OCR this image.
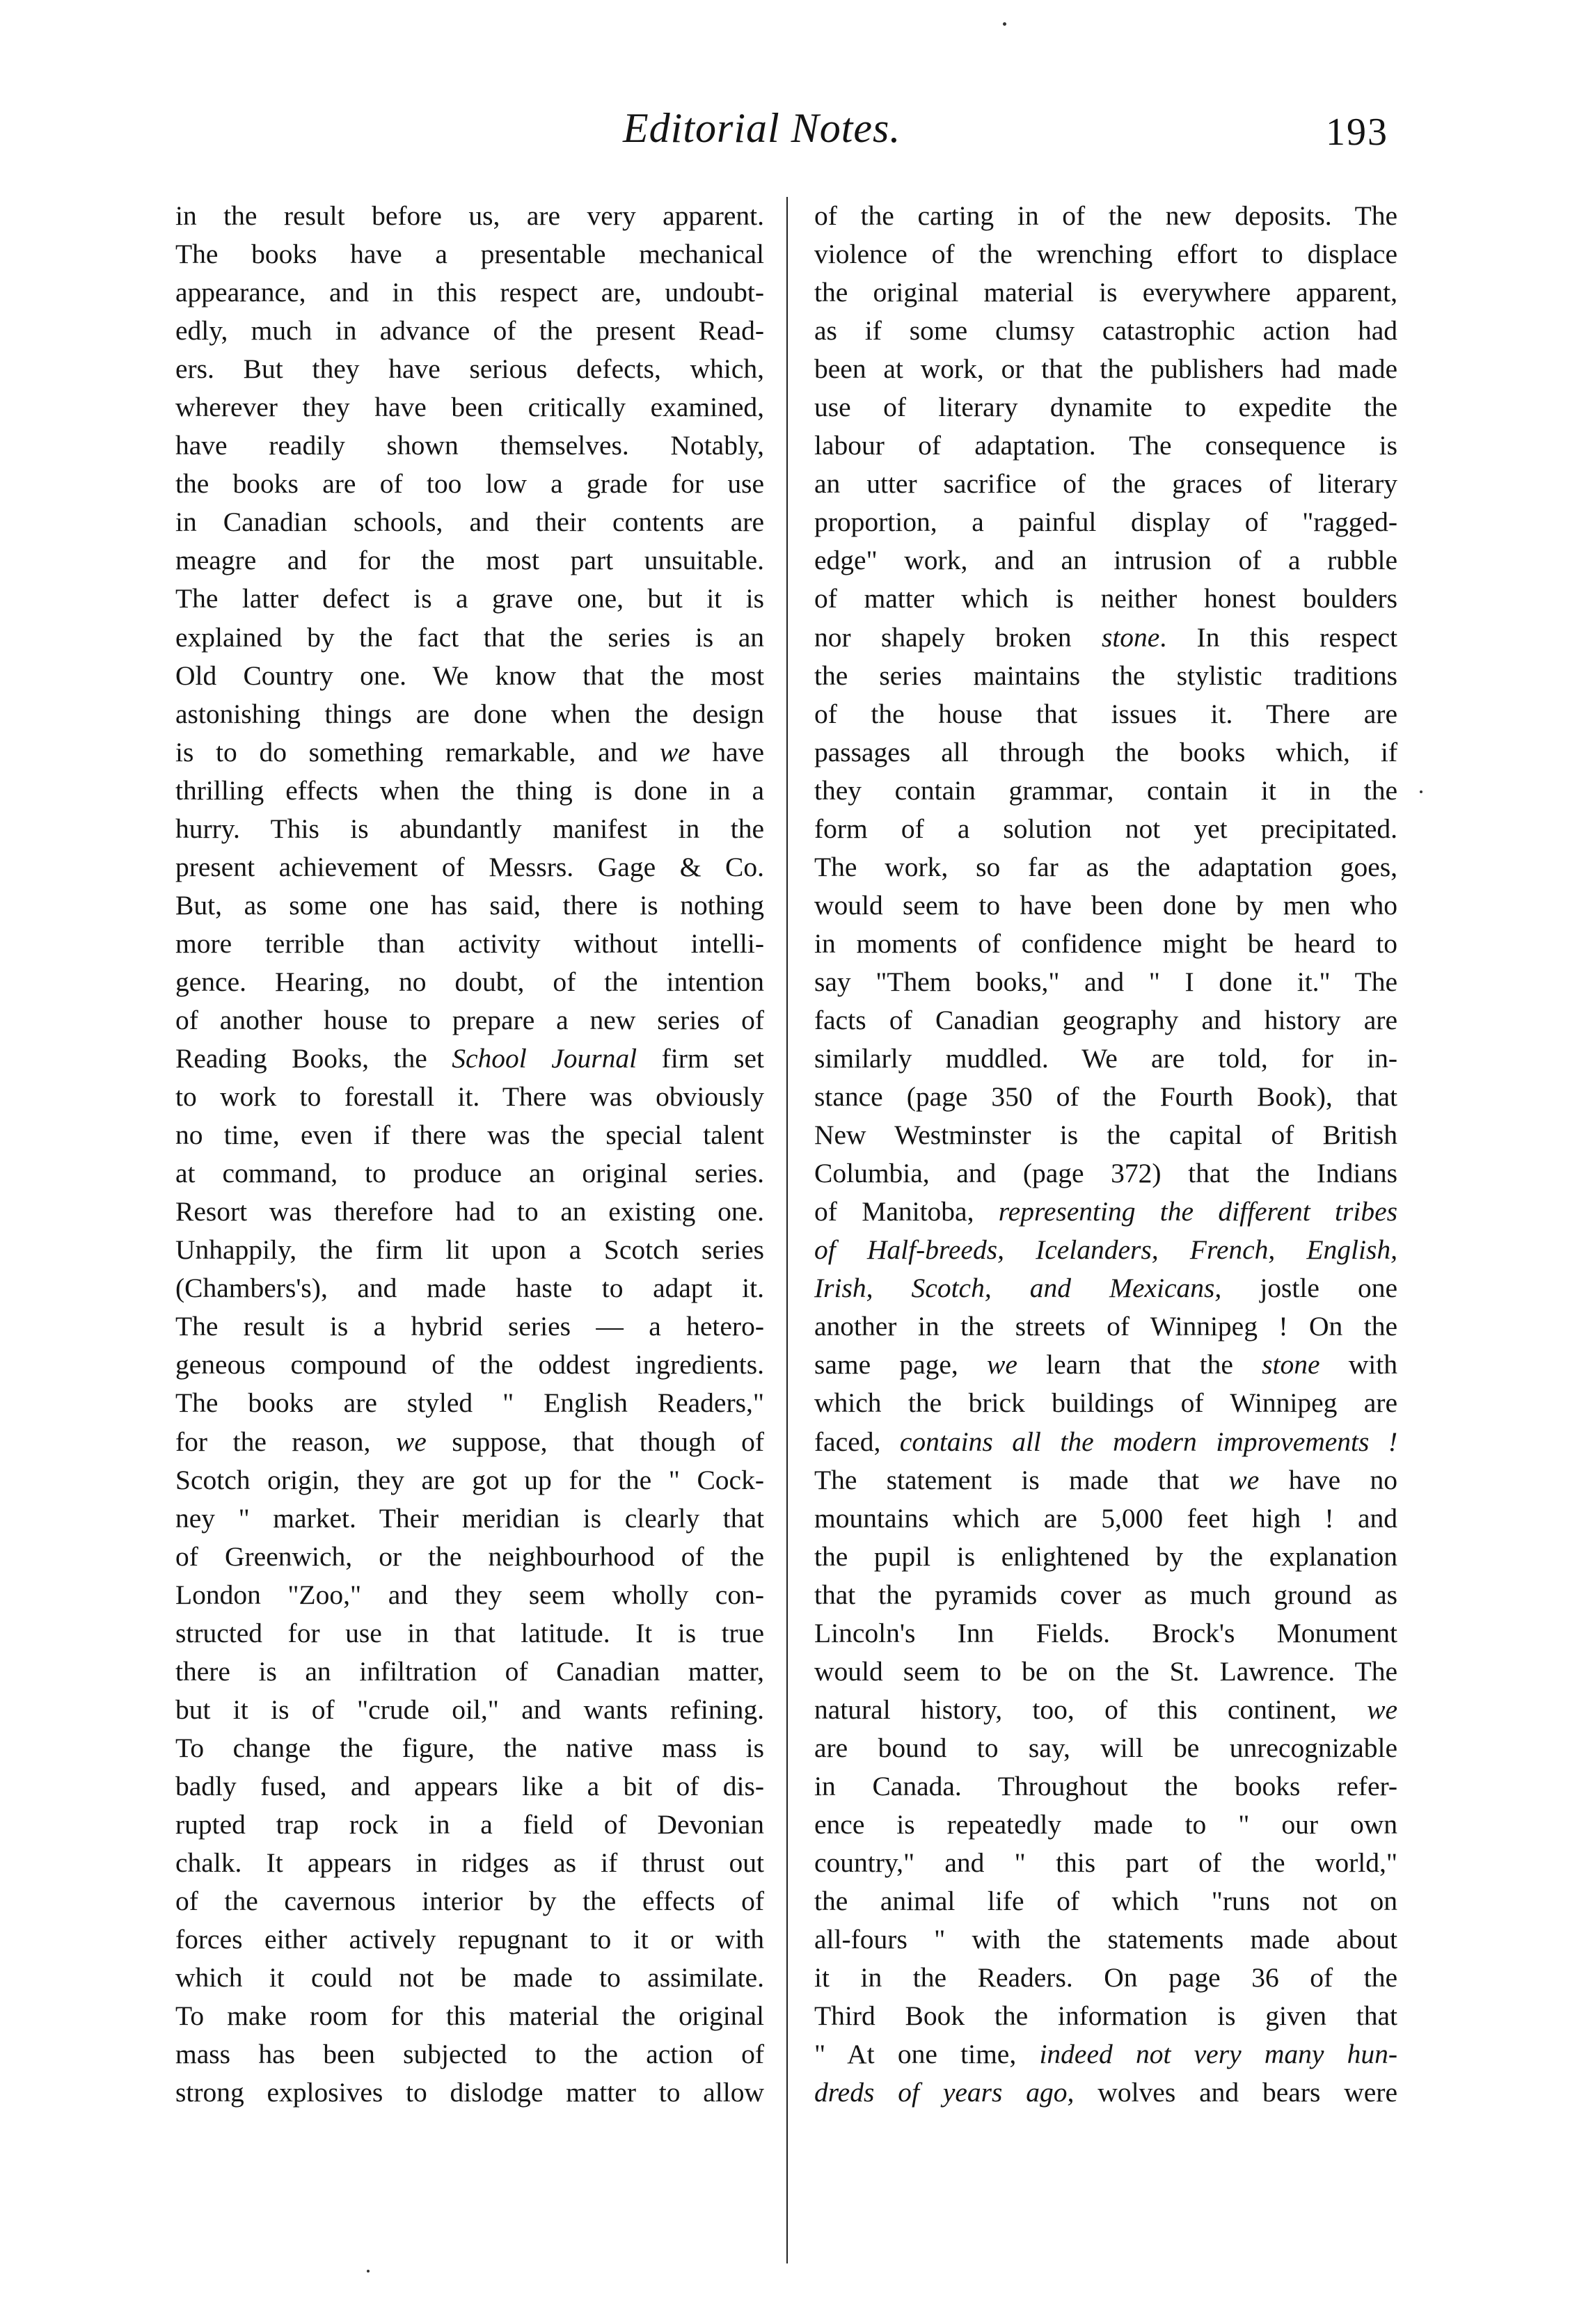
Editorial Notes.	193
in the result before us, are very apparent.
The books have a presentable mechanical
appearance, and in this respect are, undoubt-
edly, much in advance of the present Read-
ers. But they have serious defects, which,
wherever they have been critically examined,
have readily shown themselves. Notably,
the books are of too low a grade for use
in Canadian schools, and their contents are
meagre and for the most part unsuitable.
The latter defect is a grave one, but it is
explained by the fact that the series is an
Old Country one. We know that the most
astonishing things are done when the design
is to do something remarkable, and we have
thrilling effects when the thing is done in a
hurry. This is abundantly manifest in the
present achievement of Messrs. Gage & Co.
But, as some one has said, there is nothing
more terrible than activity without intelli-
gence. Hearing, no doubt, of the intention
of another house to prepare a new series of
Reading Books, the School Journal firm set
to work to forestall it. There was obviously
no time, even if there was the special talent
at command, to produce an original series.
Resort was therefore had to an existing one.
Unhappily, the firm lit upon a Scotch series
(Chambers's), and made haste to adapt it.
The result is a hybrid series — a hetero-
geneous compound of the oddest ingredients.
The books are styled " English Readers,"
for the reason, we suppose, that though of
Scotch origin, they are got up for the " Cock-
ney " market. Their meridian is clearly that
of Greenwich, or the neighbourhood of the
London "Zoo," and they seem wholly con-
structed for use in that latitude. It is true
there is an infiltration of Canadian matter,
but it is of "crude oil," and wants refining.
To change the figure, the native mass is
badly fused, and appears like a bit of dis-
rupted trap rock in a field of Devonian
chalk. It appears in ridges as if thrust out
of the cavernous interior by the effects of
forces either actively repugnant to it or with
which it could not be made to assimilate.
To make room for this material the original
mass has been subjected to the action of
strong explosives to dislodge matter to allow
of the carting in of the new deposits. The
violence of the wrenching effort to displace
the original material is everywhere apparent,
as if some clumsy catastrophic action had
been at work, or that the publishers had made
use of literary dynamite to expedite the
labour of adaptation. The consequence is
an utter sacrifice of the graces of literary
proportion, a painful display of "ragged-
edge" work, and an intrusion of a rubble
of matter which is neither honest boulders
nor shapely broken stone. In this respect
the series maintains the stylistic traditions
of the house that issues it. There are
passages all through the books which, if
they contain grammar, contain it in the
form of a solution not yet precipitated.
The work, so far as the adaptation goes,
would seem to have been done by men who
in moments of confidence might be heard to
say "Them books," and " I done it." The
facts of Canadian geography and history are
similarly muddled. We are told, for in-
stance (page 350 of the Fourth Book), that
New Westminster is the capital of British
Columbia, and (page 372) that the Indians
of Manitoba, representing the different tribes
of Half-breeds, Icelanders, French, English,
Irish, Scotch, and Mexicans, jostle one
another in the streets of Winnipeg ! On the
same page, we learn that the stone with
which the brick buildings of Winnipeg are
faced, contains all the modern improvements !
The statement is made that we have no
mountains which are 5,000 feet high ! and
the pupil is enlightened by the explanation
that the pyramids cover as much ground as
Lincoln's Inn Fields. Brock's Monument
would seem to be on the St. Lawrence. The
natural history, too, of this continent, we
are bound to say, will be unrecognizable
in Canada. Throughout the books refer-
ence is repeatedly made to " our own
country," and " this part of the world,"
the animal life of which "runs not on
all-fours " with the statements made about
it in the Readers. On page 36 of the
Third Book the information is given that
" At one time, indeed not very many hun-
dreds of years ago, wolves and bears were
